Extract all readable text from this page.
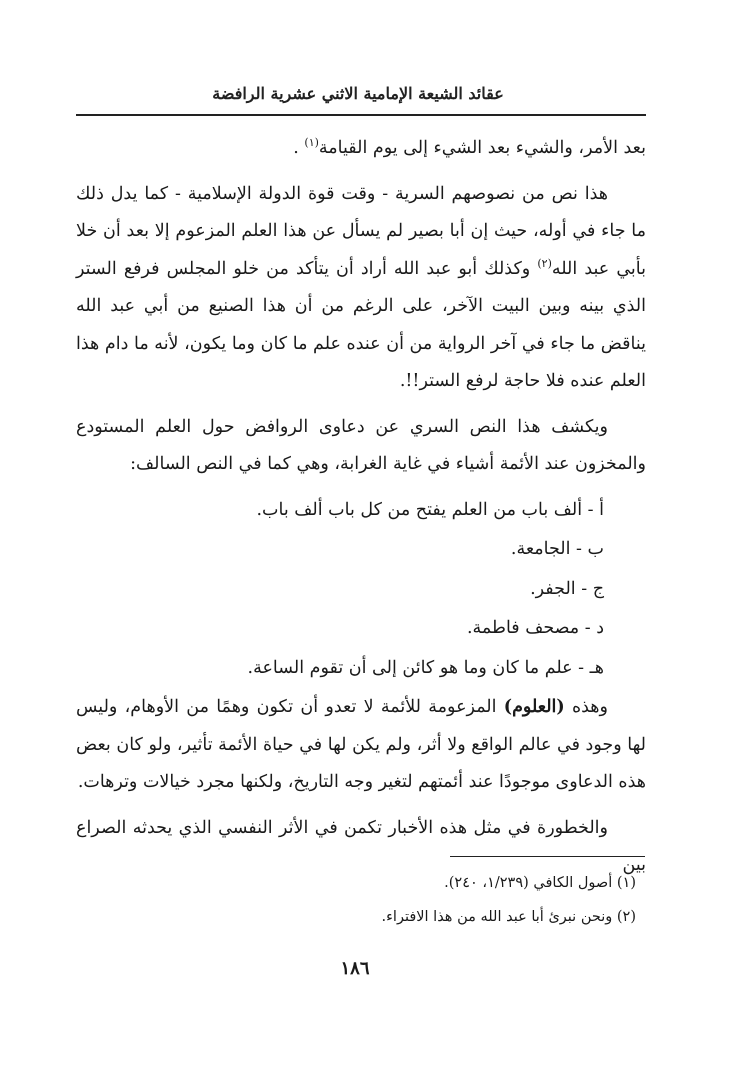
عقائد الشيعة الإمامية الاثني عشرية الرافضة

بعد الأمر، والشيء بعد الشيء إلى يوم القيامة$^{(١)}$ .

هذا نص من نصوصهم السرية - وقت قوة الدولة الإسلامية - كما يدل ذلك ما جاء في أوله، حيث إن أبا بصير لم يسأل عن هذا العلم المزعوم إلا بعد أن خلا بأبي عبد الله$^{(٢)}$ وكذلك أبو عبد الله أراد أن يتأكد من خلو المجلس فرفع الستر الذي بينه وبين البيت الآخر، على الرغم من أن هذا الصنيع من أبي عبد الله يناقض ما جاء في آخر الرواية من أن عنده علم ما كان وما يكون، لأنه ما دام هذا العلم عنده فلا حاجة لرفع الستر!!.

ويكشف هذا النص السري عن دعاوى الروافض حول العلم المستودع والمخزون عند الأئمة أشياء في غاية الغرابة، وهي كما في النص السالف:

أ - ألف باب من العلم يفتح من كل باب ألف باب.
ب - الجامعة.
ج - الجفر.
د - مصحف فاطمة.
هـ - علم ما كان وما هو كائن إلى أن تقوم الساعة.

وهذه (العلوم) المزعومة للأئمة لا تعدو أن تكون وهمًا من الأوهام، وليس لها وجود في عالم الواقع ولا أثر، ولم يكن لها في حياة الأئمة تأثير، ولو كان بعض هذه الدعاوى موجودًا عند أئمتهم لتغير وجه التاريخ، ولكنها مجرد خيالات وترهات.

والخطورة في مثل هذه الأخبار تكمن في الأثر النفسي الذي يحدثه الصراع بين

(١) أصول الكافي (١/٢٣٩، ٢٤٠).
(٢) ونحن نبرئ أبا عبد الله من هذا الافتراء.
١٨٦
